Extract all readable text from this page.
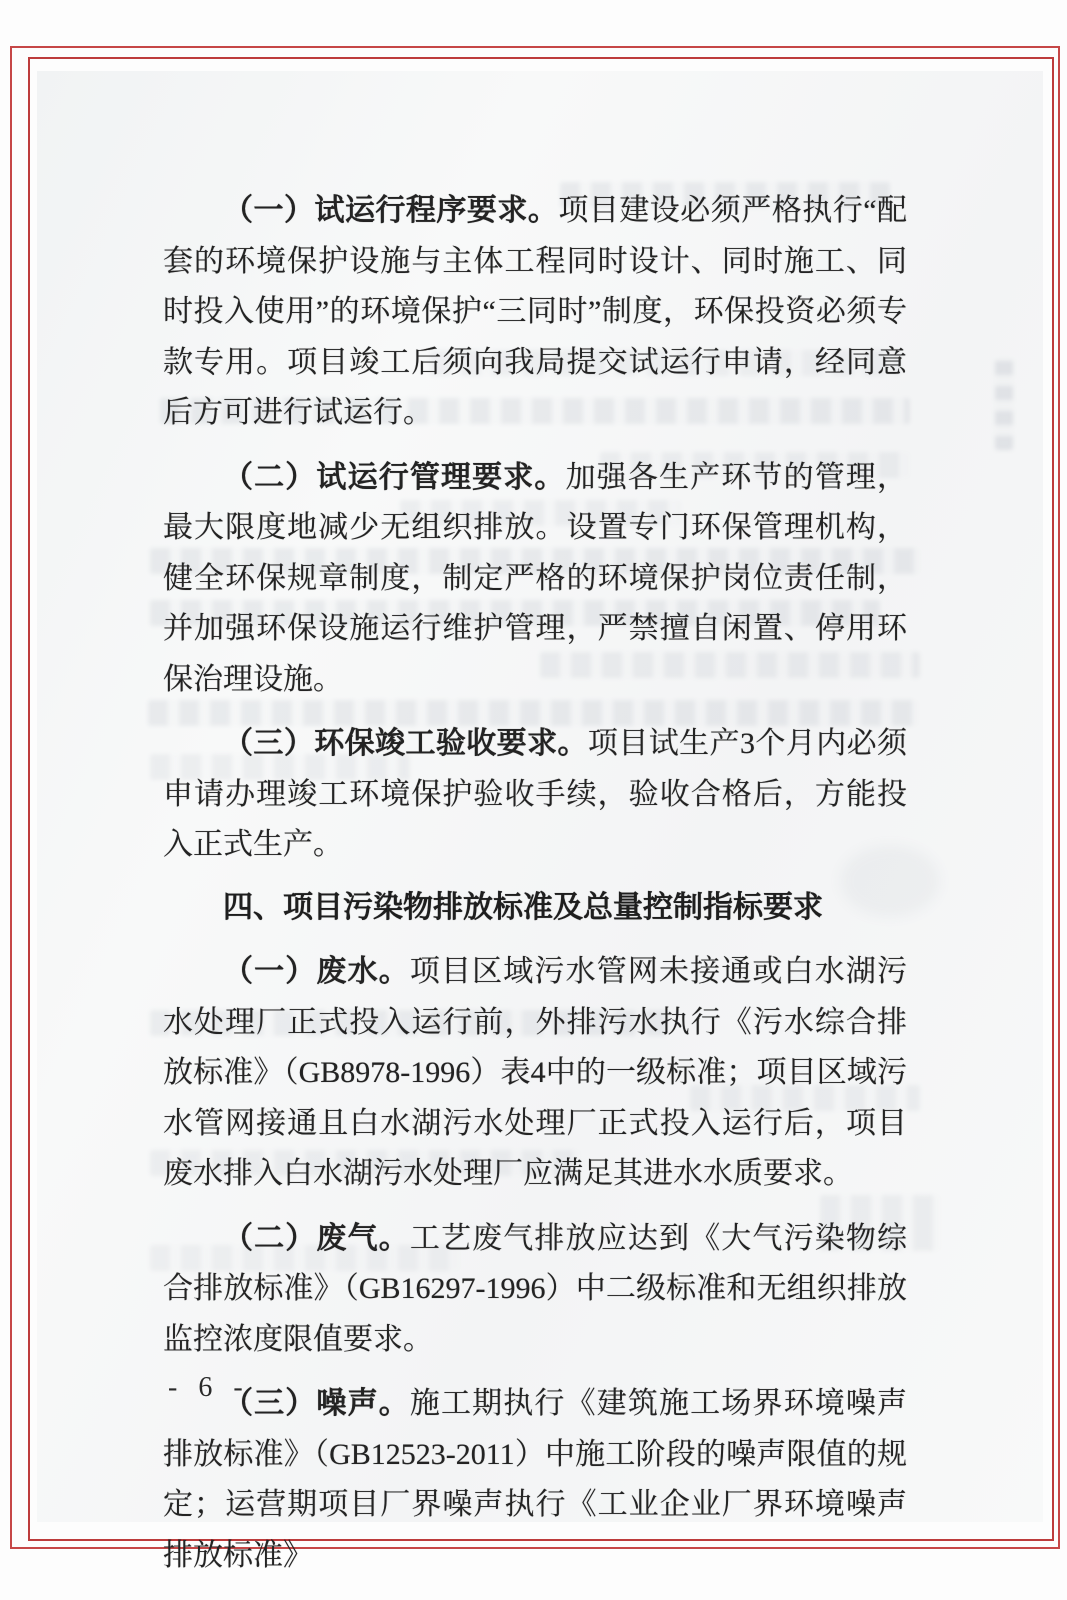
（一）试运行程序要求。项目建设必须严格执行“配套的环境保护设施与主体工程同时设计、同时施工、同时投入使用”的环境保护“三同时”制度，环保投资必须专款专用。项目竣工后须向我局提交试运行申请，经同意后方可进行试运行。

（二）试运行管理要求。加强各生产环节的管理，最大限度地减少无组织排放。设置专门环保管理机构，健全环保规章制度，制定严格的环境保护岗位责任制，并加强环保设施运行维护管理，严禁擅自闲置、停用环保治理设施。

（三）环保竣工验收要求。项目试生产3个月内必须申请办理竣工环境保护验收手续，验收合格后，方能投入正式生产。

四、项目污染物排放标准及总量控制指标要求

（一）废水。项目区域污水管网未接通或白水湖污水处理厂正式投入运行前，外排污水执行《污水综合排放标准》（GB8978-1996）表4中的一级标准；项目区域污水管网接通且白水湖污水处理厂正式投入运行后，项目废水排入白水湖污水处理厂应满足其进水水质要求。

（二）废气。工艺废气排放应达到《大气污染物综合排放标准》（GB16297-1996）中二级标准和无组织排放监控浓度限值要求。

（三）噪声。施工期执行《建筑施工场界环境噪声排放标准》（GB12523-2011）中施工阶段的噪声限值的规定；运营期项目厂界噪声执行《工业企业厂界环境噪声排放标准》

- 6 -
